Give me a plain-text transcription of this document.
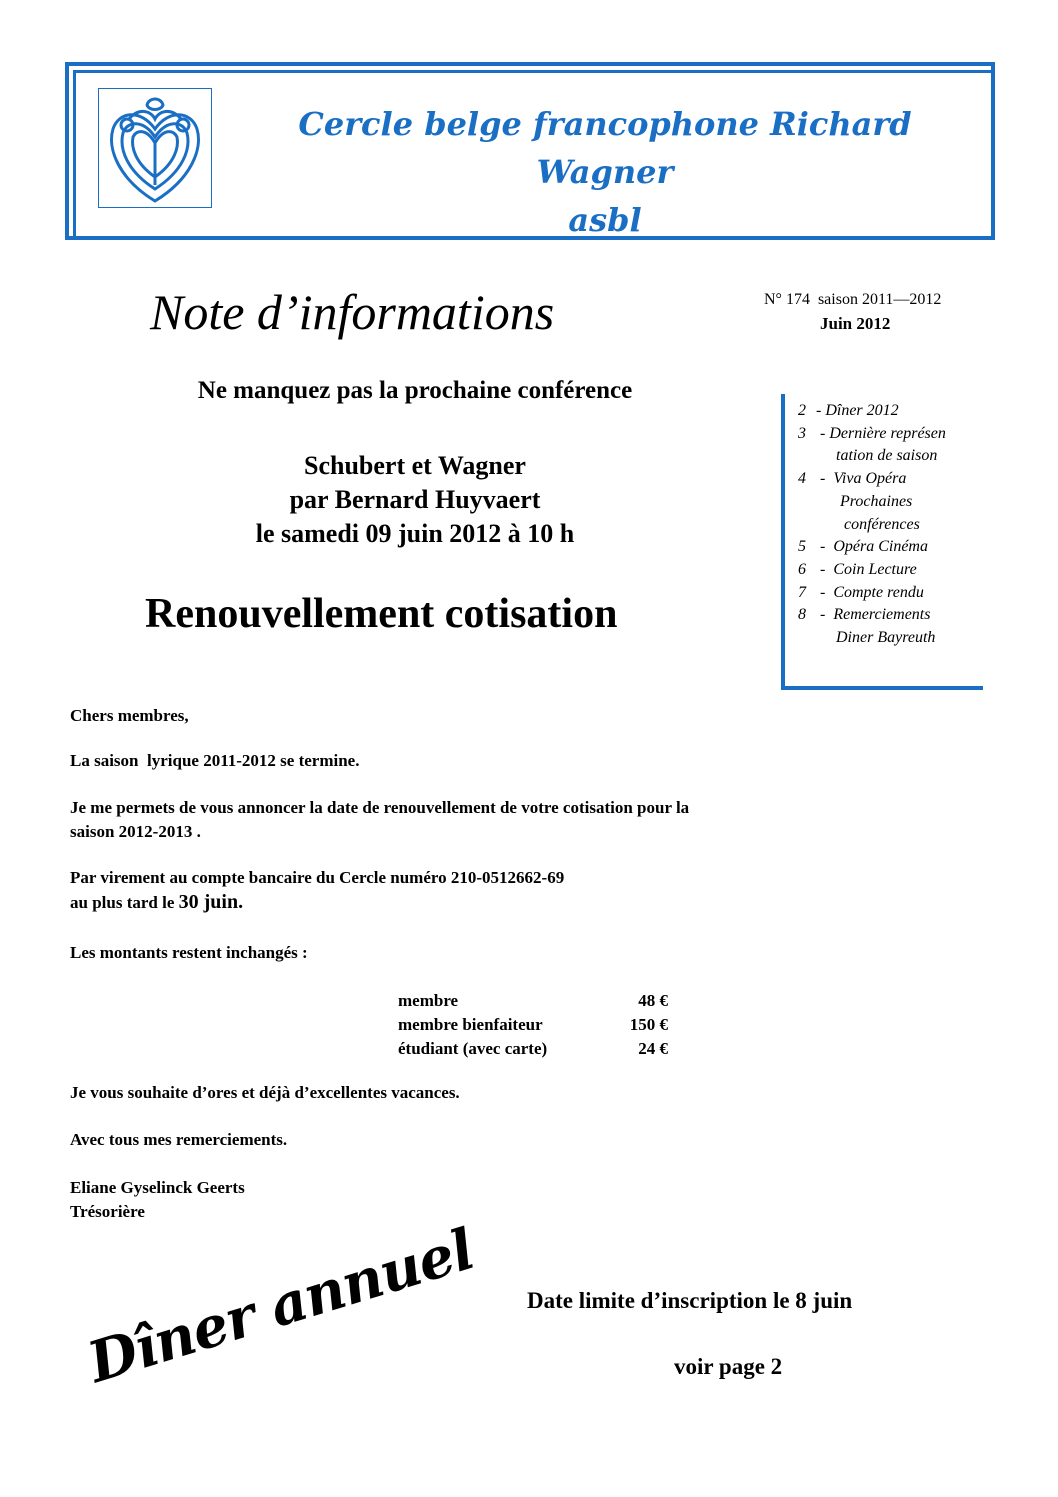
Cercle belge francophone Richard Wagner
asbl
Note d’informations	N° 174  saison 2011—2012
Juin 2012
Ne manquez pas la prochaine conférence
Schubert et Wagner
par Bernard Huyvaert
le samedi 09 juin 2012 à 10 h
Renouvellement cotisation
2 - Dîner 2012
3 - Dernière représen
tation de saison
4 -  Viva Opéra
Prochaines
conférences
5 -  Opéra Cinéma
6 -  Coin Lecture
7 -  Compte rendu
8 -  Remerciements
Diner Bayreuth
Chers membres,
La saison  lyrique 2011-2012 se termine.
Je me permets de vous annoncer la date de renouvellement de votre cotisation pour la
saison 2012-2013 .
Par virement au compte bancaire du Cercle numéro 210-0512662-69
au plus tard le 30 juin.
Les montants restent inchangés :
membre	48 €
membre bienfaiteur	150 €
étudiant (avec carte)	24 €
Je vous souhaite d’ores et déjà d’excellentes vacances.
Avec tous mes remerciements.
Eliane Gyselinck Geerts
Trésorière
Dîner annuel Date limite d’inscription le 8 juin
voir page 2
